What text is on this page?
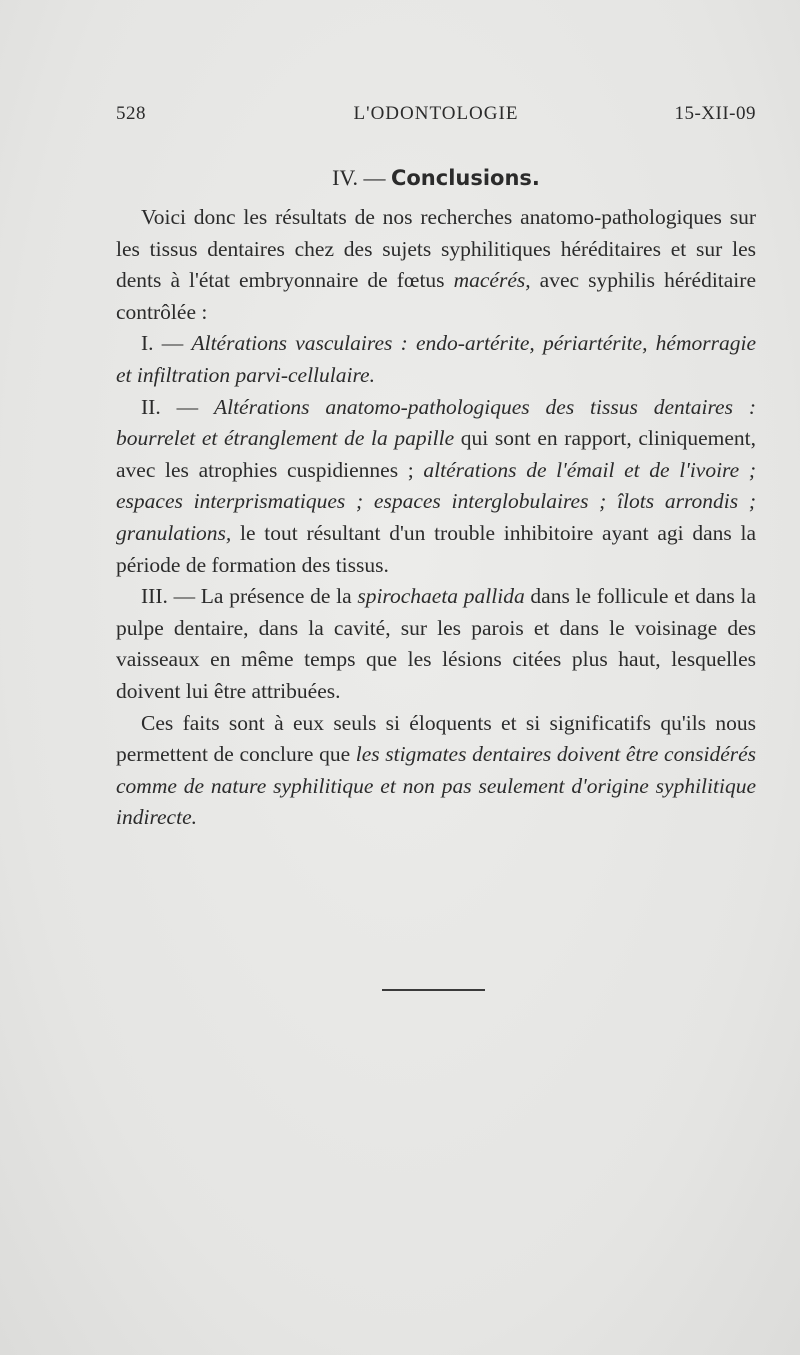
528	L'ODONTOLOGIE	15-XII-09
IV. — Conclusions.

Voici donc les résultats de nos recherches anatomo-pathologiques sur les tissus dentaires chez des sujets syphilitiques héréditaires et sur les dents à l'état embryonnaire de fœtus macérés, avec syphilis héréditaire contrôlée :

I. — Altérations vasculaires : endo-artérite, périartérite, hémorragie et infiltration parvi-cellulaire.

II. — Altérations anatomo-pathologiques des tissus dentaires : bourrelet et étranglement de la papille qui sont en rapport, cliniquement, avec les atrophies cuspidiennes ; altérations de l'émail et de l'ivoire ; espaces interprismatiques ; espaces interglobulaires ; îlots arrondis ; granulations, le tout résultant d'un trouble inhibitoire ayant agi dans la période de formation des tissus.

III. — La présence de la spirochaeta pallida dans le follicule et dans la pulpe dentaire, dans la cavité, sur les parois et dans le voisinage des vaisseaux en même temps que les lésions citées plus haut, lesquelles doivent lui être attribuées.

Ces faits sont à eux seuls si éloquents et si significatifs qu'ils nous permettent de conclure que les stigmates dentaires doivent être considérés comme de nature syphilitique et non pas seulement d'origine syphilitique indirecte.
